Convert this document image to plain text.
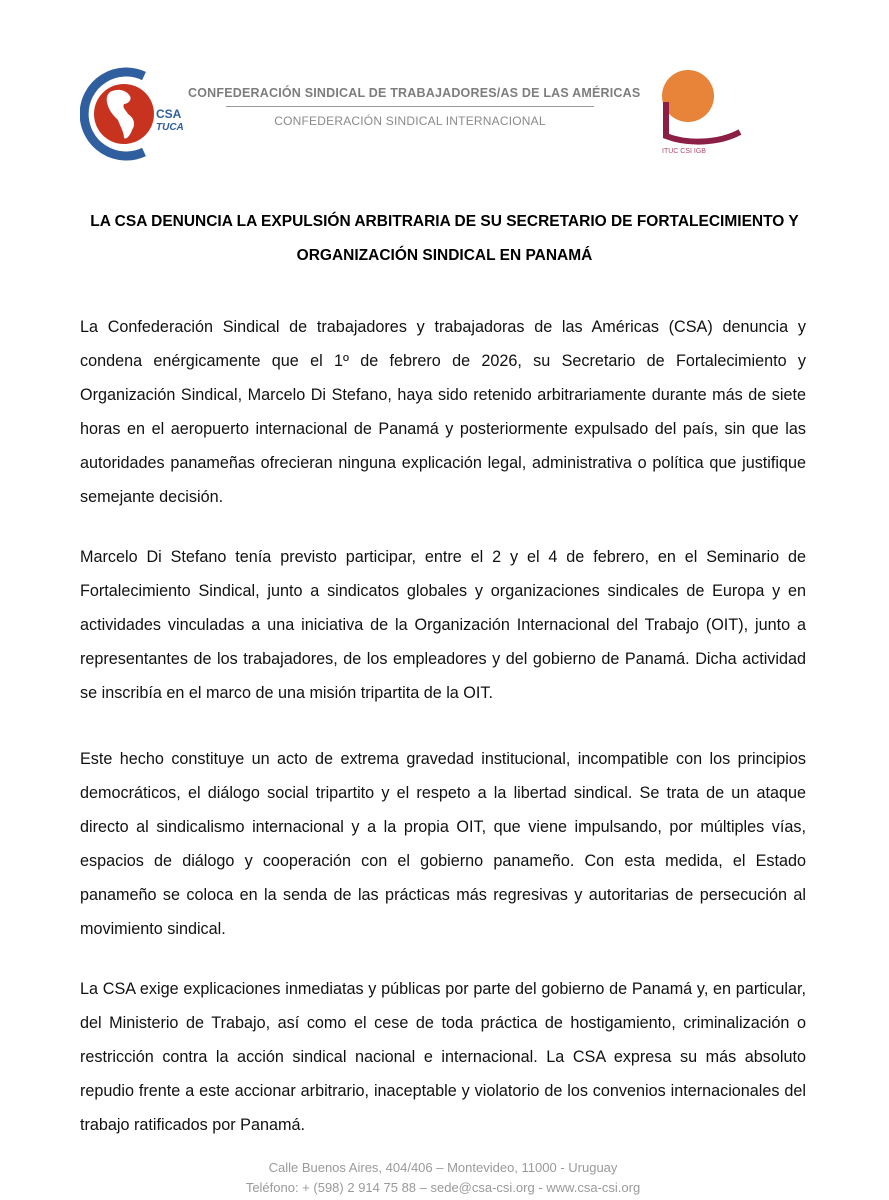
CSA
TUCA
CONFEDERACIÓN SINDICAL DE TRABAJADORES/AS DE LAS AMÉRICAS
CONFEDERACIÓN SINDICAL INTERNACIONAL
ITUC CSI IGB
LA CSA DENUNCIA LA EXPULSIÓN ARBITRARIA DE SU SECRETARIO DE FORTALECIMIENTO Y
ORGANIZACIÓN SINDICAL EN PANAMÁ
La Confederación Sindical de trabajadores y trabajadoras de las Américas (CSA) denuncia y condena enérgicamente que el 1º de febrero de 2026, su Secretario de Fortalecimiento y Organización Sindical, Marcelo Di Stefano, haya sido retenido arbitrariamente durante más de siete horas en el aeropuerto internacional de Panamá y posteriormente expulsado del país, sin que las autoridades panameñas ofrecieran ninguna explicación legal, administrativa o política que justifique semejante decisión.
Marcelo Di Stefano tenía previsto participar, entre el 2 y el 4 de febrero, en el Seminario de Fortalecimiento Sindical, junto a sindicatos globales y organizaciones sindicales de Europa y en actividades vinculadas a una iniciativa de la Organización Internacional del Trabajo (OIT), junto a representantes de los trabajadores, de los empleadores y del gobierno de Panamá. Dicha actividad se inscribía en el marco de una misión tripartita de la OIT.
Este hecho constituye un acto de extrema gravedad institucional, incompatible con los principios democráticos, el diálogo social tripartito y el respeto a la libertad sindical. Se trata de un ataque directo al sindicalismo internacional y a la propia OIT, que viene impulsando, por múltiples vías, espacios de diálogo y cooperación con el gobierno panameño. Con esta medida, el Estado panameño se coloca en la senda de las prácticas más regresivas y autoritarias de persecución al movimiento sindical.
La CSA exige explicaciones inmediatas y públicas por parte del gobierno de Panamá y, en particular, del Ministerio de Trabajo, así como el cese de toda práctica de hostigamiento, criminalización o restricción contra la acción sindical nacional e internacional. La CSA expresa su más absoluto repudio frente a este accionar arbitrario, inaceptable y violatorio de los convenios internacionales del trabajo ratificados por Panamá.
Calle Buenos Aires, 404/406 – Montevideo, 11000 - Uruguay
Teléfono: + (598) 2 914 75 88 – sede@csa-csi.org - www.csa-csi.org
